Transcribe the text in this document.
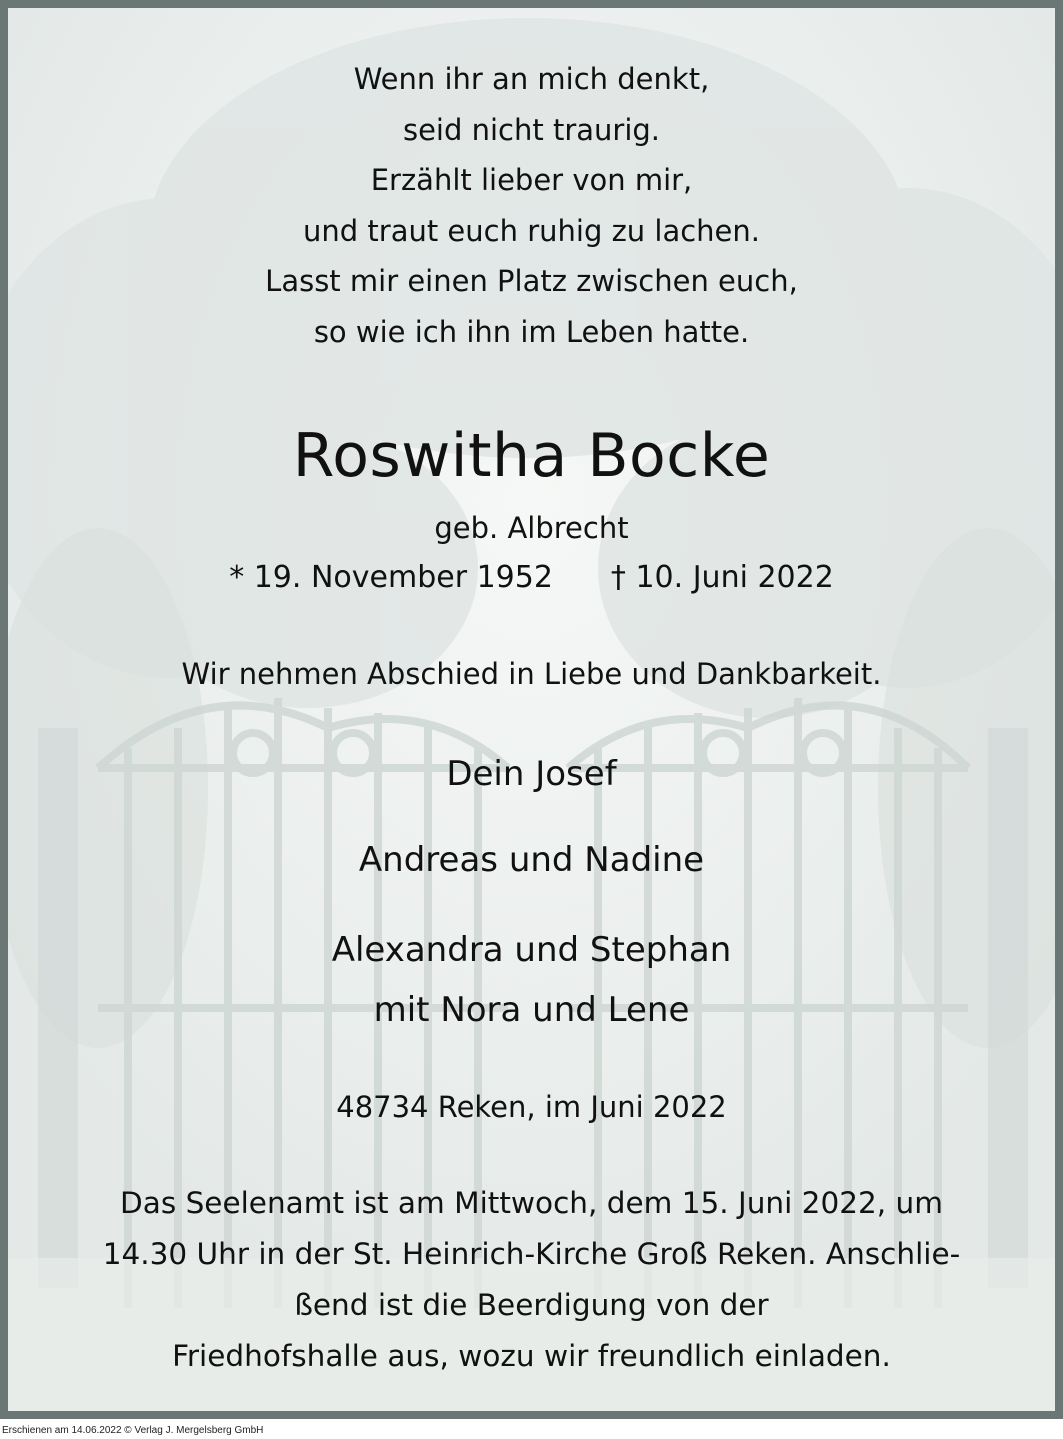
Wenn ihr an mich denkt,
seid nicht traurig.
Erzählt lieber von mir,
und traut euch ruhig zu lachen.
Lasst mir einen Platz zwischen euch,
so wie ich ihn im Leben hatte.
Roswitha Bocke
geb. Albrecht
* 19. November 1952 † 10. Juni 2022
Wir nehmen Abschied in Liebe und Dankbarkeit.
Dein Josef
Andreas und Nadine
Alexandra und Stephan
mit Nora und Lene
48734 Reken, im Juni 2022
Das Seelenamt ist am Mittwoch, dem 15. Juni 2022, um
14.30 Uhr in der St. Heinrich-Kirche Groß Reken. Anschlie-
ßend ist die Beerdigung von der
Friedhofshalle aus, wozu wir freundlich einladen.
Erschienen am 14.06.2022 © Verlag J. Mergelsberg GmbH
